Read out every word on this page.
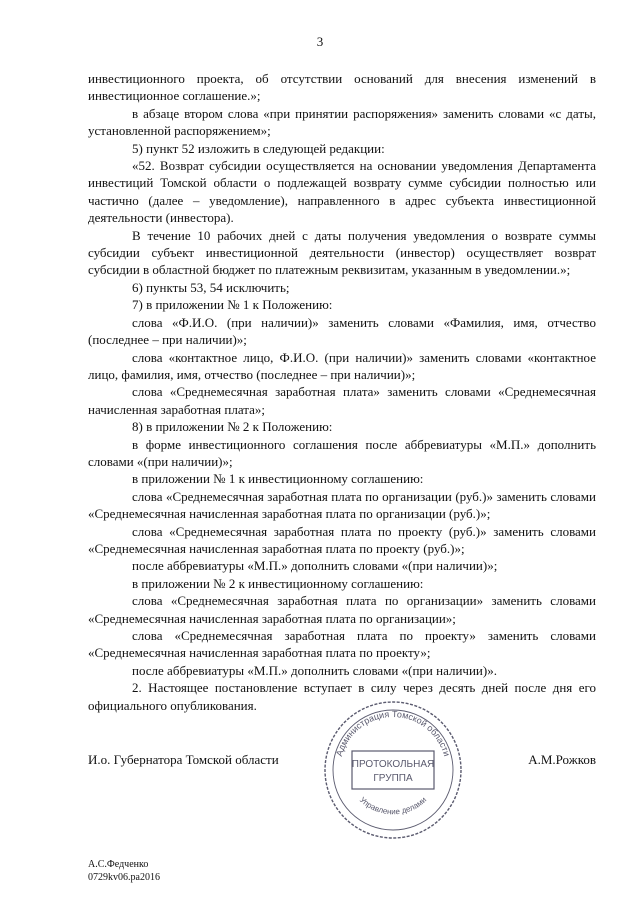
3

инвестиционного проекта, об отсутствии оснований для внесения изменений в инвестиционное соглашение.»;

в абзаце втором слова «при принятии распоряжения» заменить словами «с даты, установленной распоряжением»;

5) пункт 52 изложить в следующей редакции:

«52. Возврат субсидии осуществляется на основании уведомления Департамента инвестиций Томской области о подлежащей возврату сумме субсидии полностью или частично (далее – уведомление), направленного в адрес субъекта инвестиционной деятельности (инвестора).

В течение 10 рабочих дней с даты получения уведомления о возврате суммы субсидии субъект инвестиционной деятельности (инвестор) осуществляет возврат субсидии в областной бюджет по платежным реквизитам, указанным в уведомлении.»;

6) пункты 53, 54 исключить;

7) в приложении № 1 к Положению:

слова «Ф.И.О. (при наличии)» заменить словами «Фамилия, имя, отчество (последнее – при наличии)»;

слова «контактное лицо, Ф.И.О. (при наличии)» заменить словами «контактное лицо, фамилия, имя, отчество (последнее – при наличии)»;

слова «Среднемесячная заработная плата» заменить словами «Среднемесячная начисленная заработная плата»;

8) в приложении № 2 к Положению:

в форме инвестиционного соглашения после аббревиатуры «М.П.» дополнить словами «(при наличии)»;

в приложении № 1 к инвестиционному соглашению:

слова «Среднемесячная заработная плата по организации (руб.)» заменить словами «Среднемесячная начисленная заработная плата по организации (руб.)»;

слова «Среднемесячная заработная плата по проекту (руб.)» заменить словами «Среднемесячная начисленная заработная плата по проекту (руб.)»;

после аббревиатуры «М.П.» дополнить словами «(при наличии)»;

в приложении № 2 к инвестиционному соглашению:

слова «Среднемесячная заработная плата по организации» заменить словами «Среднемесячная начисленная заработная плата по организации»;

слова «Среднемесячная заработная плата по проекту» заменить словами «Среднемесячная начисленная заработная плата по проекту»;

после аббревиатуры «М.П.» дополнить словами «(при наличии)».

2. Настоящее постановление вступает в силу через десять дней после дня его официального опубликования.

И.о. Губернатора Томской области	А.М.Рожков
Администрация Томской области
Управление делами
ПРОТОКОЛЬНАЯ
ГРУППА
А.С.Федченко
0729kv06.pa2016
